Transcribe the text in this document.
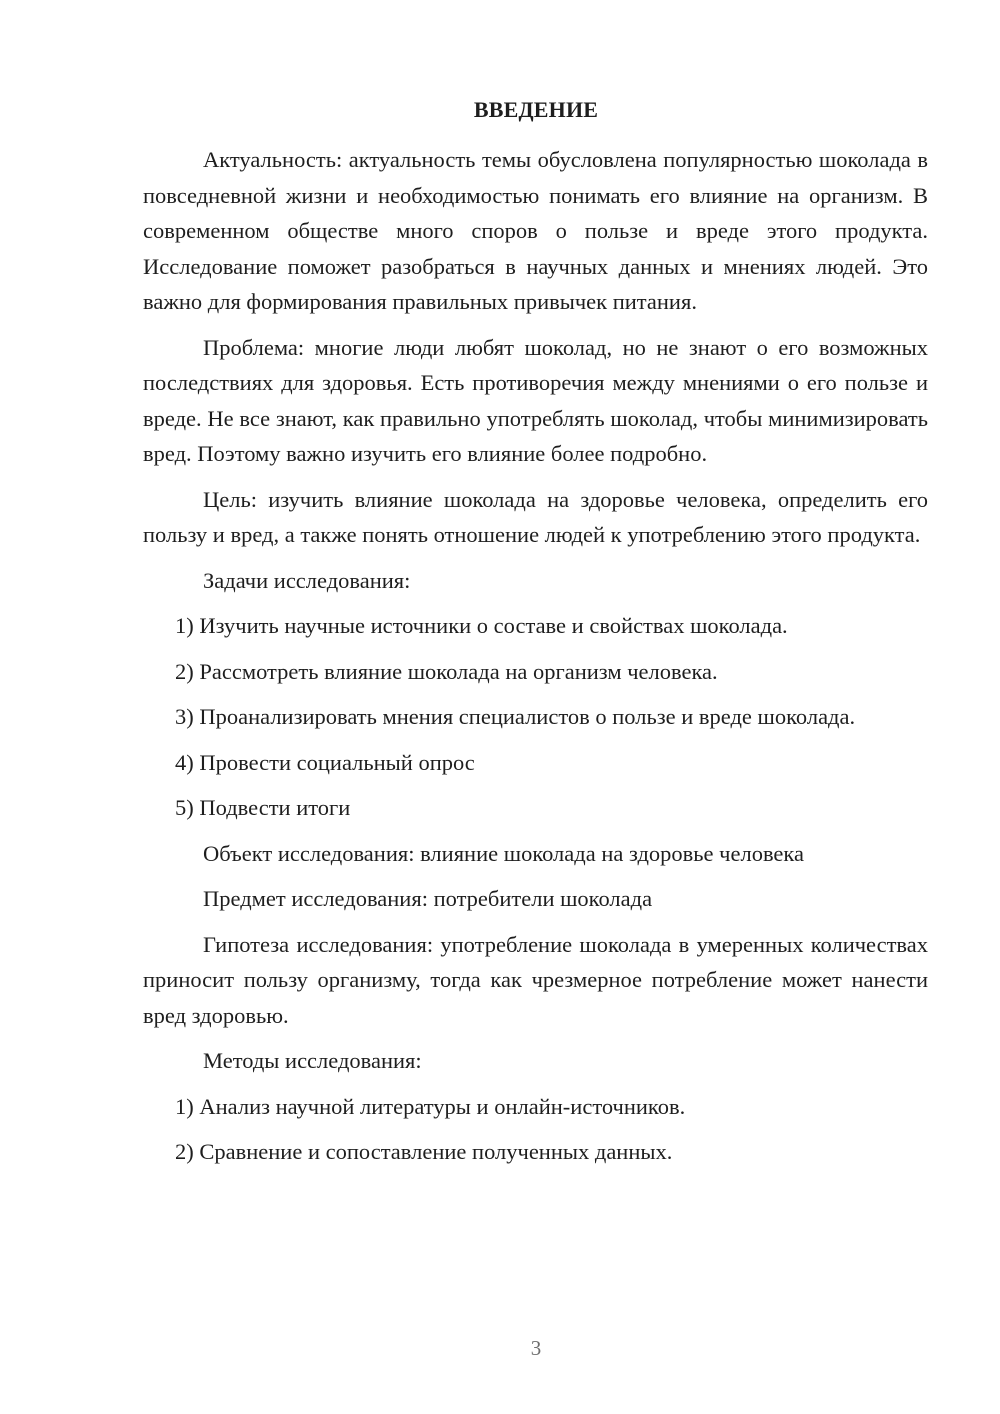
ВВЕДЕНИЕ

Актуальность: актуальность темы обусловлена популярностью шоколада в повседневной жизни и необходимостью понимать его влияние на организм. В современном обществе много споров о пользе и вреде этого продукта. Исследование поможет разобраться в научных данных и мнениях людей. Это важно для формирования правильных привычек питания.

Проблема: многие люди любят шоколад, но не знают о его возможных последствиях для здоровья. Есть противоречия между мнениями о его пользе и вреде. Не все знают, как правильно употреблять шоколад, чтобы минимизировать вред. Поэтому важно изучить его влияние более подробно.

Цель: изучить влияние шоколада на здоровье человека, определить его пользу и вред, а также понять отношение людей к употреблению этого продукта.

Задачи исследования:

1) Изучить научные источники о составе и свойствах шоколада.

2) Рассмотреть влияние шоколада на организм человека.

3) Проанализировать мнения специалистов о пользе и вреде шоколада.

4) Провести социальный опрос

5) Подвести итоги

Объект исследования: влияние шоколада на здоровье человека

Предмет исследования: потребители шоколада

Гипотеза исследования: употребление шоколада в умеренных количествах приносит пользу организму, тогда как чрезмерное потребление может нанести вред здоровью.

Методы исследования:

1) Анализ научной литературы и онлайн-источников.

2) Сравнение и сопоставление полученных данных.

3
